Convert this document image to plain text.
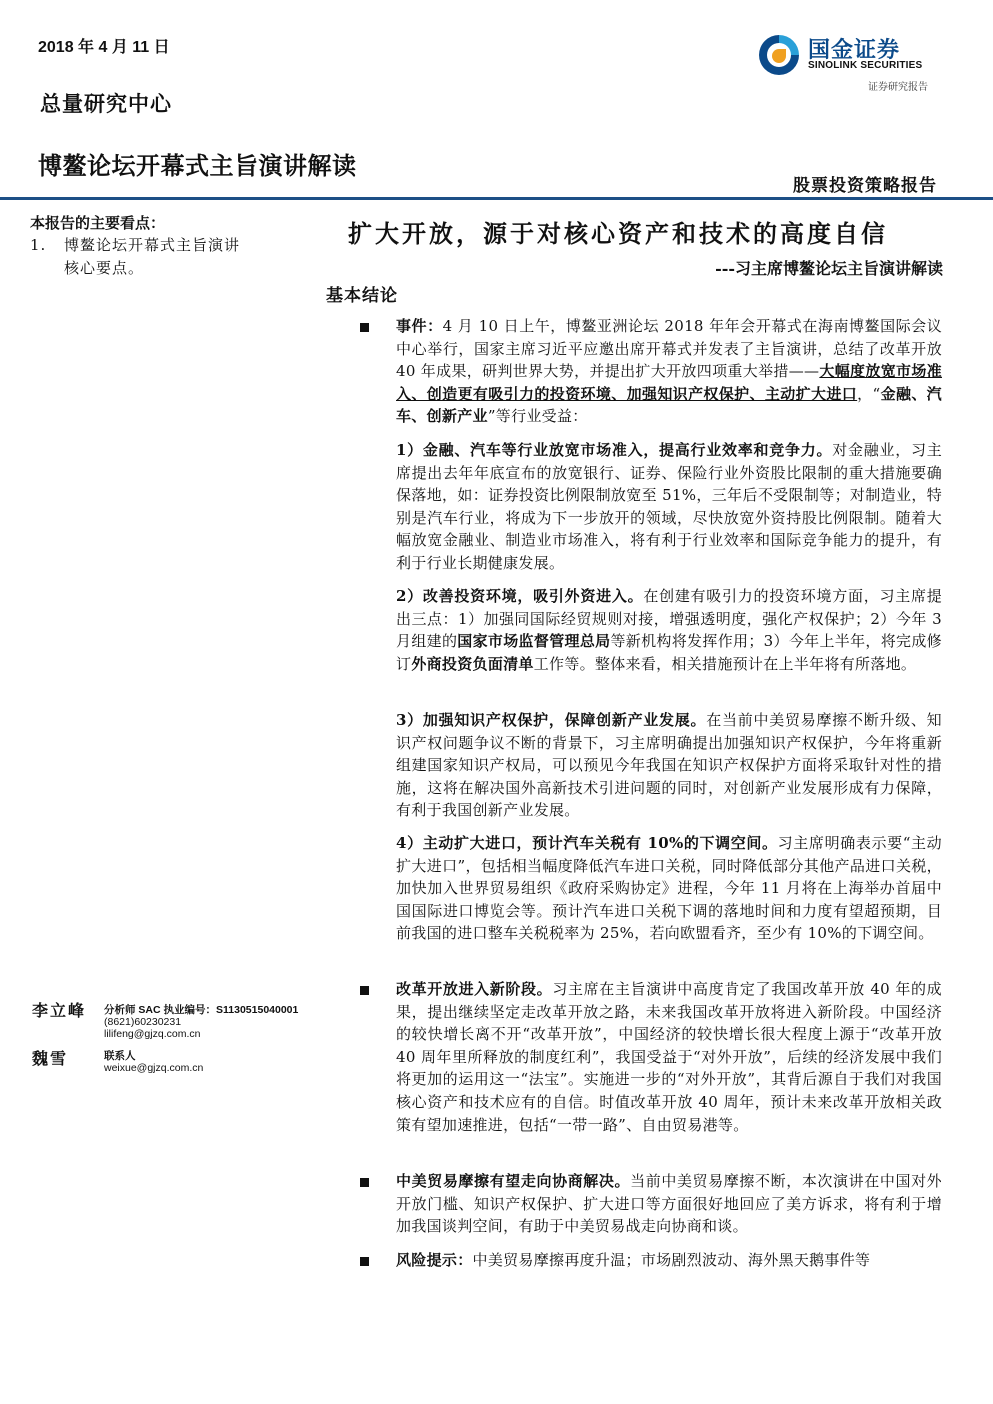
2018 年 4 月 11 日
总量研究中心
博鳌论坛开幕式主旨演讲解读
国金证券
SINOLINK SECURITIES
证券研究报告
股票投资策略报告
本报告的主要看点：
1. 博鳌论坛开幕式主旨演讲
核心要点。
李立峰 分析师 SAC 执业编号：S1130515040001
(8621)60230231
lilifeng@gjzq.com.cn
魏雪	联系人
weixue@gjzq.com.cn
扩大开放，源于对核心资产和技术的高度自信
---习主席博鳌论坛主旨演讲解读
基本结论
事件：4 月 10 日上午，博鳌亚洲论坛 2018 年年会开幕式在海南博鳌国际会议中心举行，国家主席习近平应邀出席开幕式并发表了主旨演讲，总结了改革开放 40 年成果，研判世界大势，并提出扩大开放四项重大举措——大幅度放宽市场准入、创造更有吸引力的投资环境、加强知识产权保护、主动扩大进口，“金融、汽车、创新产业”等行业受益：
1）金融、汽车等行业放宽市场准入，提高行业效率和竞争力。对金融业，习主席提出去年年底宣布的放宽银行、证券、保险行业外资股比限制的重大措施要确保落地，如：证券投资比例限制放宽至 51%，三年后不受限制等；对制造业，特别是汽车行业，将成为下一步放开的领域，尽快放宽外资持股比例限制。随着大幅放宽金融业、制造业市场准入，将有利于行业效率和国际竞争能力的提升，有利于行业长期健康发展。
2）改善投资环境，吸引外资进入。在创建有吸引力的投资环境方面，习主席提出三点：1）加强同国际经贸规则对接，增强透明度，强化产权保护；2）今年 3 月组建的国家市场监督管理总局等新机构将发挥作用；3）今年上半年，将完成修订外商投资负面清单工作等。整体来看，相关措施预计在上半年将有所落地。
3）加强知识产权保护，保障创新产业发展。在当前中美贸易摩擦不断升级、知识产权问题争议不断的背景下，习主席明确提出加强知识产权保护，今年将重新组建国家知识产权局，可以预见今年我国在知识产权保护方面将采取针对性的措施，这将在解决国外高新技术引进问题的同时，对创新产业发展形成有力保障，有利于我国创新产业发展。
4）主动扩大进口，预计汽车关税有 10%的下调空间。习主席明确表示要“主动扩大进口”，包括相当幅度降低汽车进口关税，同时降低部分其他产品进口关税，加快加入世界贸易组织《政府采购协定》进程，今年 11 月将在上海举办首届中国国际进口博览会等。预计汽车进口关税下调的落地时间和力度有望超预期，目前我国的进口整车关税税率为 25%，若向欧盟看齐，至少有 10%的下调空间。
改革开放进入新阶段。习主席在主旨演讲中高度肯定了我国改革开放 40 年的成果，提出继续坚定走改革开放之路，未来我国改革开放将进入新阶段。中国经济的较快增长离不开“改革开放”，中国经济的较快增长很大程度上源于“改革开放 40 周年里所释放的制度红利”，我国受益于“对外开放”，后续的经济发展中我们将更加的运用这一“法宝”。实施进一步的“对外开放”，其背后源自于我们对我国核心资产和技术应有的自信。时值改革开放 40 周年，预计未来改革开放相关政策有望加速推进，包括“一带一路”、自由贸易港等。
中美贸易摩擦有望走向协商解决。当前中美贸易摩擦不断，本次演讲在中国对外开放门槛、知识产权保护、扩大进口等方面很好地回应了美方诉求，将有利于增加我国谈判空间，有助于中美贸易战走向协商和谈。
风险提示：中美贸易摩擦再度升温；市场剧烈波动、海外黑天鹅事件等
